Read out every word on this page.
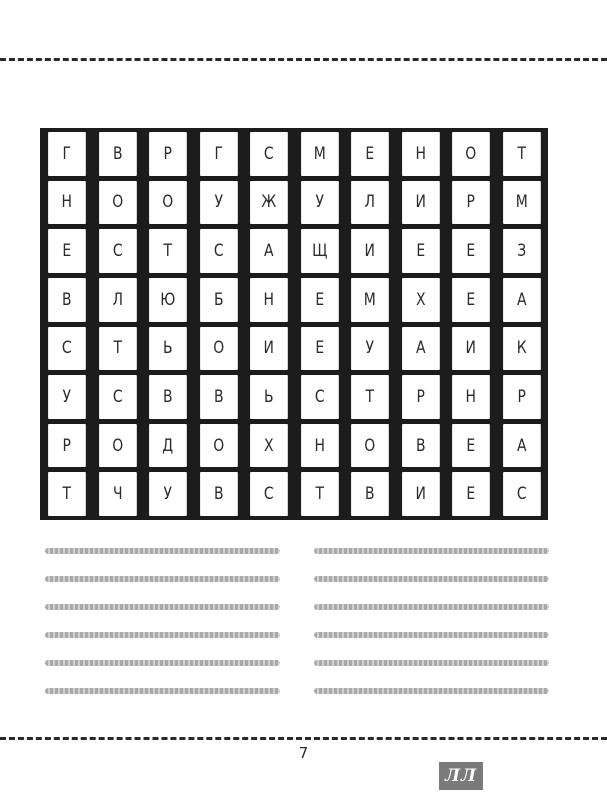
Г	В	Р	Г	С	М	Е	Н	О	Т
Н	О	О	У	Ж	У	Л	И	Р	М
Е	С	Т	С	А	Щ	И	Е	Е	З
В	Л	Ю	Б	Н	Е	М	Х	Е	А
С	Т	Ь	О	И	Е	У	А	И	К
У	С	В	В	Ь	С	Т	Р	Н	Р
Р	О	Д	О	Х	Н	О	В	Е	А
Т	Ч	У	В	С	Т	В	И	Е	С
7
ЛЛ
